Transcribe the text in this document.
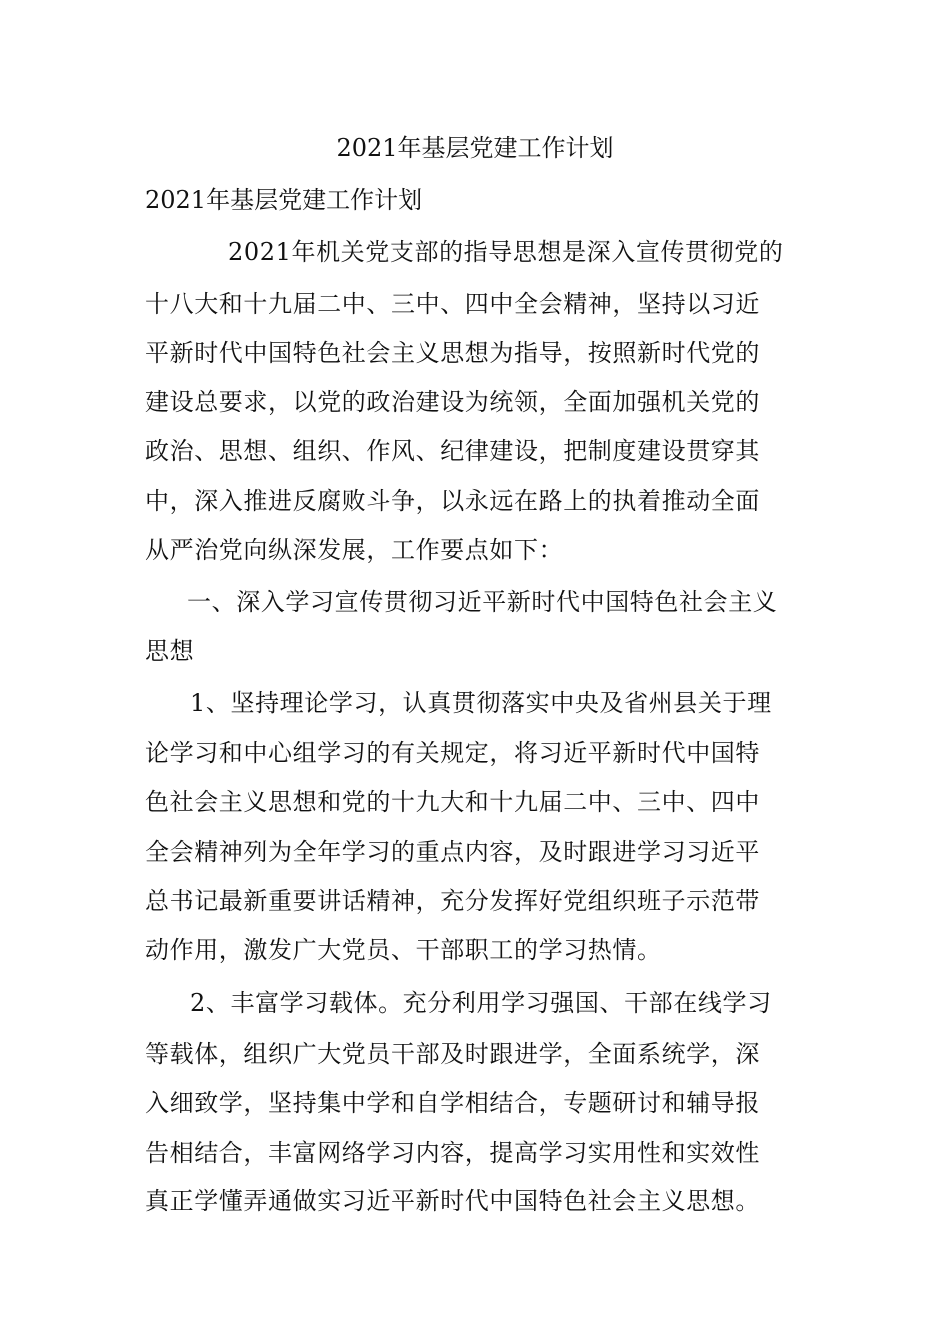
2021年基层党建工作计划
2021年基层党建工作计划

2021年机关党支部的指导思想是深入宣传贯彻党的

十八大和十九届二中、三中、四中全会精神，坚持以习近

平新时代中国特色社会主义思想为指导，按照新时代党的

建设总要求，以党的政治建设为统领，全面加强机关党的

政治、思想、组织、作风、纪律建设，把制度建设贯穿其

中，深入推进反腐败斗争，以永远在路上的执着推动全面

从严治党向纵深发展，工作要点如下：

一、深入学习宣传贯彻习近平新时代中国特色社会主义

思想

1、坚持理论学习，认真贯彻落实中央及省州县关于理

论学习和中心组学习的有关规定，将习近平新时代中国特

色社会主义思想和党的十九大和十九届二中、三中、四中

全会精神列为全年学习的重点内容，及时跟进学习习近平

总书记最新重要讲话精神，充分发挥好党组织班子示范带

动作用，激发广大党员、干部职工的学习热情。

2、丰富学习载体。充分利用学习强国、干部在线学习

等载体，组织广大党员干部及时跟进学，全面系统学，深

入细致学，坚持集中学和自学相结合，专题研讨和辅导报

告相结合，丰富网络学习内容，提高学习实用性和实效性

真正学懂弄通做实习近平新时代中国特色社会主义思想。
